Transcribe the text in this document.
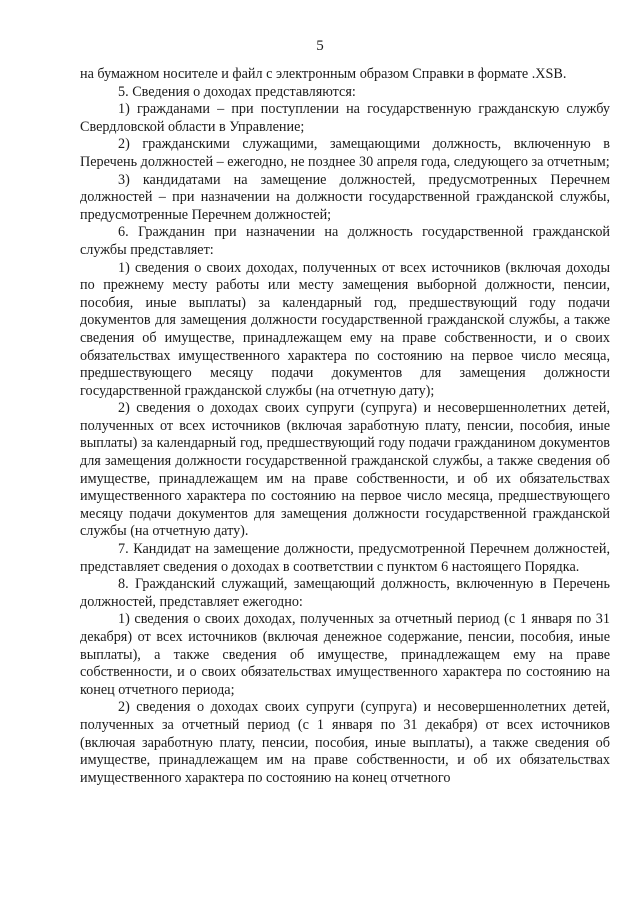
5

на бумажном носителе и файл с электронным образом Справки в формате .XSB.

5. Сведения о доходах представляются:

1) гражданами – при поступлении на государственную гражданскую службу Свердловской области в Управление;

2) гражданскими служащими, замещающими должность, включенную в Перечень должностей – ежегодно, не позднее 30 апреля года, следующего за отчетным;

3) кандидатами на замещение должностей, предусмотренных Перечнем должностей – при назначении на должности государственной гражданской службы, предусмотренные Перечнем должностей;

6. Гражданин при назначении на должность государственной гражданской службы представляет:

1) сведения о своих доходах, полученных от всех источников (включая доходы по прежнему месту работы или месту замещения выборной должности, пенсии, пособия, иные выплаты) за календарный год, предшествующий году подачи документов для замещения должности государственной гражданской службы, а также сведения об имуществе, принадлежащем ему на праве собственности, и о своих обязательствах имущественного характера по состоянию на первое число месяца, предшествующего месяцу подачи документов для замещения должности государственной гражданской службы (на отчетную дату);

2) сведения о доходах своих супруги (супруга) и несовершеннолетних детей, полученных от всех источников (включая заработную плату, пенсии, пособия, иные выплаты) за календарный год, предшествующий году подачи гражданином документов для замещения должности государственной гражданской службы, а также сведения об имуществе, принадлежащем им на праве собственности, и об их обязательствах имущественного характера по состоянию на первое число месяца, предшествующего месяцу подачи документов для замещения должности государственной гражданской службы (на отчетную дату).

7. Кандидат на замещение должности, предусмотренной Перечнем должностей, представляет сведения о доходах в соответствии с пунктом 6 настоящего Порядка.

8. Гражданский служащий, замещающий должность, включенную в Перечень должностей, представляет ежегодно:

1) сведения о своих доходах, полученных за отчетный период (с 1 января по 31 декабря) от всех источников (включая денежное содержание, пенсии, пособия, иные выплаты), а также сведения об имуществе, принадлежащем ему на праве собственности, и о своих обязательствах имущественного характера по состоянию на конец отчетного периода;

2) сведения о доходах своих супруги (супруга) и несовершеннолетних детей, полученных за отчетный период (с 1 января по 31 декабря) от всех источников (включая заработную плату, пенсии, пособия, иные выплаты), а также сведения об имуществе, принадлежащем им на праве собственности, и об их обязательствах имущественного характера по состоянию на конец отчетного
